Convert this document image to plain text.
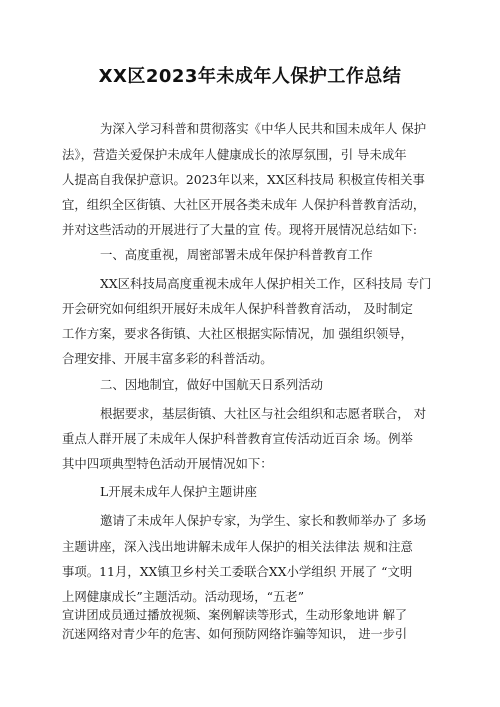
XX区2023年未成年人保护工作总结
为深入学习科普和贯彻落实《中华人民共和国未成年人 保护
法》，营造关爱保护未成年人健康成长的浓厚氛围，引 导未成年
人提高自我保护意识。2023年以来，XX区科技局 积极宣传相关事
宜，组织全区街镇、大社区开展各类未成年 人保护科普教育活动，
并对这些活动的开展进行了大量的宣 传。现将开展情况总结如下:
一、高度重视，周密部署未成年保护科普教育工作
XX区科技局高度重视未成年人保护相关工作，区科技局 专门
开会研究如何组织开展好未成年人保护科普教育活动， 及时制定
工作方案，要求各街镇、大社区根据实际情况，加 强组织领导，
合理安排、开展丰富多彩的科普活动。
二、因地制宜，做好中国航天日系列活动
根据要求，基层街镇、大社区与社会组织和志愿者联合， 对
重点人群开展了未成年人保护科普教育宣传活动近百余 场。例举
其中四项典型特色活动开展情况如下：
L开展未成年人保护主题讲座
邀请了未成年人保护专家，为学生、家长和教师举办了 多场
主题讲座，深入浅出地讲解未成年人保护的相关法律法 规和注意
事项。11月，XX镇卫乡村关工委联合XX小学组织 开展了 “文明
上网健康成长”主题活动。活动现场，“五老”
宣讲团成员通过播放视频、案例解读等形式，生动形象地讲 解了
沉迷网络对青少年的危害、如何预防网络诈骗等知识， 进一步引
